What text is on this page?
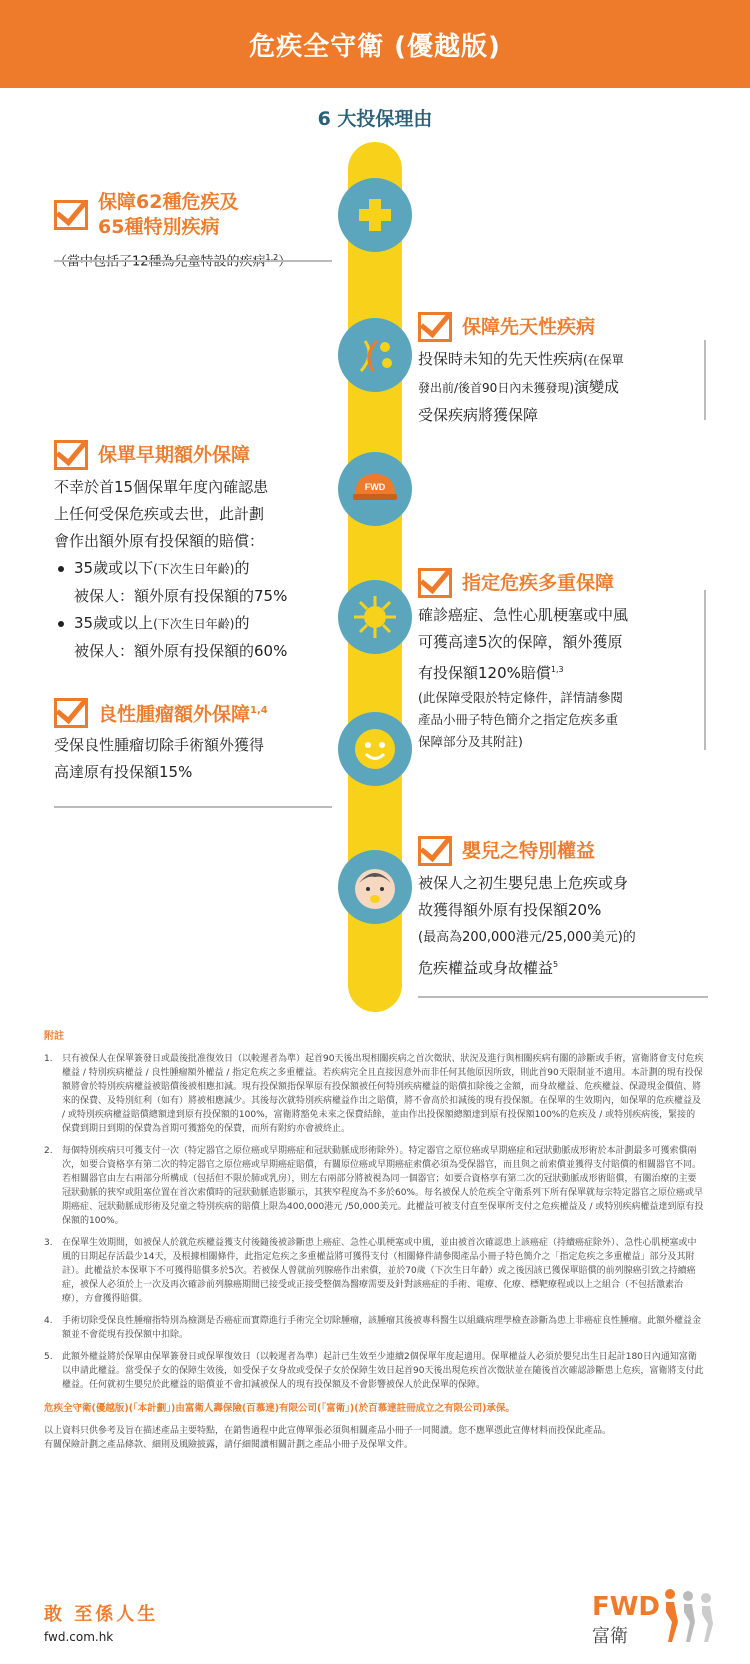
危疾全守衛 (優越版)
6 大投保理由
FWD
保障62種危疾及
65種特別疾病
（當中包括了12種為兒童特設的疾病$^{1,2}$）
保障先天性疾病
投保時未知的先天性疾病(在保單
發出前/後首90日內未獲發現)演變成
受保疾病將獲保障
保單早期額外保障
不幸於首15個保單年度內確認患
上任何受保危疾或去世，此計劃
會作出額外原有投保額的賠償：
35歲或以下(下次生日年齡)的
被保人：額外原有投保額的75%
35歲或以上(下次生日年齡)的
被保人：額外原有投保額的60%
指定危疾多重保障
確診癌症、急性心肌梗塞或中風
可獲高達5次的保障，額外獲原
有投保額120%賠償$^{1,3}$
(此保障受限於特定條件，詳情請參閱
產品小冊子特色簡介之指定危疾多重
保障部分及其附註)
良性腫瘤額外保障$^{1,4}$
受保良性腫瘤切除手術額外獲得
高達原有投保額15%
嬰兒之特別權益
被保人之初生嬰兒患上危疾或身
故獲得額外原有投保額20%
(最高為200,000港元/25,000美元)的
危疾權益或身故權益$^5$
附註
1. 只有被保人在保單簽發日或最後批准復效日（以較遲者為準）起首90天後出現相關疾病之首次徵狀、狀況及進行與相關疾病有關的診斷或手術，富衛將會支付危疾權益 / 特別疾病權益 / 良性腫瘤額外權益 / 指定危疾之多重權益。若疾病完全且直接因意外而非任何其他原因所致，則此首90天限制並不適用。本計劃的現有投保額將會於特別疾病權益被賠償後被相應扣減。現有投保額指保單原有投保額被任何特別疾病權益的賠償扣除後之金額，而身故權益、危疾權益、保證現金價值、將來的保費、及特別紅利（如有）將被相應減少。其後每次就特別疾病權益作出之賠償，將不會高於扣減後的現有投保額。在保單的生效期內，如保單的危疾權益及 / 或特別疾病權益賠償總額達到原有投保額的100%，富衛將豁免未來之保費結餘，並由作出投保額總額達到原有投保額100%的危疾及 / 或特別疾病後，緊接的保費到期日到期的保費為首期可獲豁免的保費，而所有附約亦會被終止。
2. 每個特別疾病只可獲支付一次（特定器官之原位癌或早期癌症和冠狀動脈成形術除外）。特定器官之原位癌或早期癌症和冠狀動脈成形術於本計劃最多可獲索償兩次，如要合資格享有第二次的特定器官之原位癌或早期癌症賠償，有關原位癌或早期癌症索償必須為受保器官，而且與之前索償並獲得支付賠償的相關器官不同。若相關器官由左右兩部分所構成（包括但不限於肺或乳房），則左右兩部分將被視為同一個器官；如要合資格享有第二次的冠狀動脈成形術賠償，有關治療的主要冠狀動脈的狹窄或阻塞位置在首次索償時的冠狀動脈造影顯示，其狹窄程度為不多於60%。每名被保人於危疾全守衛系列下所有保單就每宗特定器官之原位癌或早期癌症、冠狀動脈成形術及兒童之特別疾病的賠償上限為400,000港元 /50,000美元。此權益可被支付直至保單所支付之危疾權益及 / 或特別疾病權益達到原有投保額的100%。
3. 在保單生效期間，如被保人於就危疾權益獲支付後隨後被診斷患上癌症、急性心肌梗塞或中風，並由被首次確認患上該癌症（持續癌症除外）、急性心肌梗塞或中風的日期起存活最少14天，及根據相關條件，此指定危疾之多重權益將可獲得支付（相關條件請參閱產品小冊子特色簡介之「指定危疾之多重權益」部分及其附註）。此權益於本保單下不可獲得賠償多於5次。若被保人曾就前列腺癌作出索償，並於70歲（下次生日年齡）或之後因該已獲保單賠償的前列腺癌引致之持續癌症，被保人必須於上一次及再次確診前列腺癌期間已接受或正接受整個為醫療需要及針對該癌症的手術、電療、化療、標靶療程或以上之組合（不包括激素治療），方會獲得賠償。
4. 手術切除受保良性腫瘤指特別為檢測是否癌症而實際進行手術完全切除腫瘤，該腫瘤其後被專科醫生以組織病理學檢查診斷為患上非癌症良性腫瘤。此額外權益金額並不會從現有投保額中扣除。
5. 此額外權益將於保單由保單簽發日或保單復效日（以較遲者為準）起計已生效至少連續2個保單年度起適用。保單權益人必須於嬰兒出生日起計180日內通知富衛以申請此權益。當受保子女的保障生效後，如受保子女身故或受保子女於保障生效日起首90天後出現危疾首次徵狀並在隨後首次確認診斷患上危疾，富衛將支付此權益。任何就初生嬰兒於此權益的賠償並不會扣減被保人的現有投保額及不會影響被保人於此保單的保障。
危疾全守衛(優越版)(「本計劃」)由富衛人壽保險(百慕達)有限公司(「富衛」)(於百慕達註冊成立之有限公司)承保。
以上資料只供參考及旨在描述產品主要特點，在銷售過程中此宣傳單張必須與相關產品小冊子一同閱讀。您不應單憑此宣傳材料而投保此產品。
有關保險計劃之產品條款、細則及風險披露，請仔細閱讀相關計劃之產品小冊子及保單文件。
敢 至係人生
fwd.com.hk
FWD
富衛
